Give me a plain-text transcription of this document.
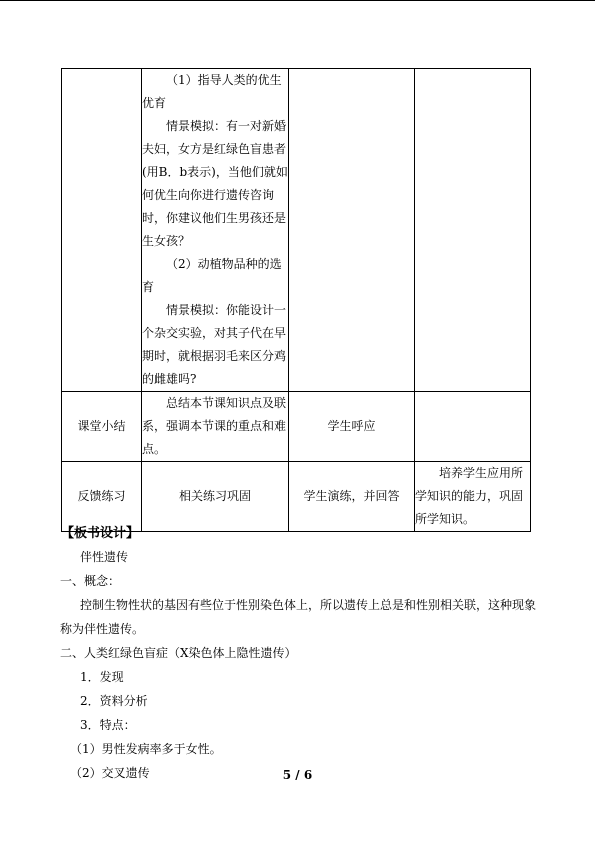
	（1）指导人类的优生优育

情景模拟：有一对新婚夫妇，女方是红绿色盲患者(用B．b表示)，当他们就如何优生向你进行遗传咨询时，你建议他们生男孩还是生女孩？

（2）动植物品种的选育

情景模拟：你能设计一个杂交实验，对其子代在早期时，就根据羽毛来区分鸡的雌雄吗?		

课堂小结	总结本节课知识点及联系，强调本节课的重点和难点。	学生呼应	
反馈练习	相关练习巩固	学生演练，并回答	培养学生应用所学知识的能力，巩固所学知识。
【板书设计】
伴性遗传
一、概念：
控制生物性状的基因有些位于性别染色体上，所以遗传上总是和性别相关联，这种现象
称为伴性遗传。
二、人类红绿色盲症（X染色体上隐性遗传）
1．发现
2．资料分析
3．特点：
（1）男性发病率多于女性。
（2）交叉遗传	5 / 6
